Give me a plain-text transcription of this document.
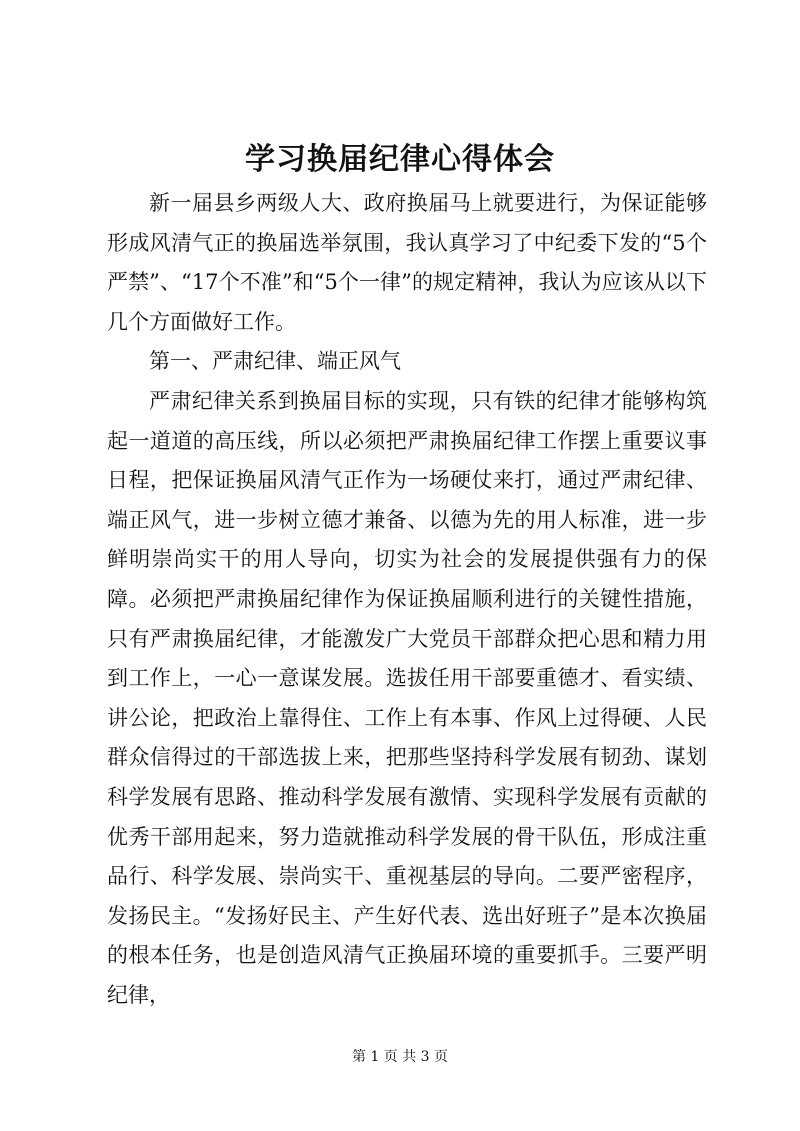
学习换届纪律心得体会

新一届县乡两级人大、政府换届马上就要进行，为保证能够形成风清气正的换届选举氛围，我认真学习了中纪委下发的“5个严禁”、“17个不准”和“5个一律”的规定精神，我认为应该从以下几个方面做好工作。

第一、严肃纪律、端正风气

严肃纪律关系到换届目标的实现，只有铁的纪律才能够构筑起一道道的高压线，所以必须把严肃换届纪律工作摆上重要议事日程，把保证换届风清气正作为一场硬仗来打，通过严肃纪律、端正风气，进一步树立德才兼备、以德为先的用人标准，进一步鲜明崇尚实干的用人导向，切实为社会的发展提供强有力的保障。必须把严肃换届纪律作为保证换届顺利进行的关键性措施，只有严肃换届纪律，才能激发广大党员干部群众把心思和精力用到工作上，一心一意谋发展。选拔任用干部要重德才、看实绩、讲公论，把政治上靠得住、工作上有本事、作风上过得硬、人民群众信得过的干部选拔上来，把那些坚持科学发展有韧劲、谋划科学发展有思路、推动科学发展有激情、实现科学发展有贡献的优秀干部用起来，努力造就推动科学发展的骨干队伍，形成注重品行、科学发展、崇尚实干、重视基层的导向。二要严密程序，发扬民主。“发扬好民主、产生好代表、选出好班子”是本次换届的根本任务，也是创造风清气正换届环境的重要抓手。三要严明纪律，

第 1 页 共 3 页
